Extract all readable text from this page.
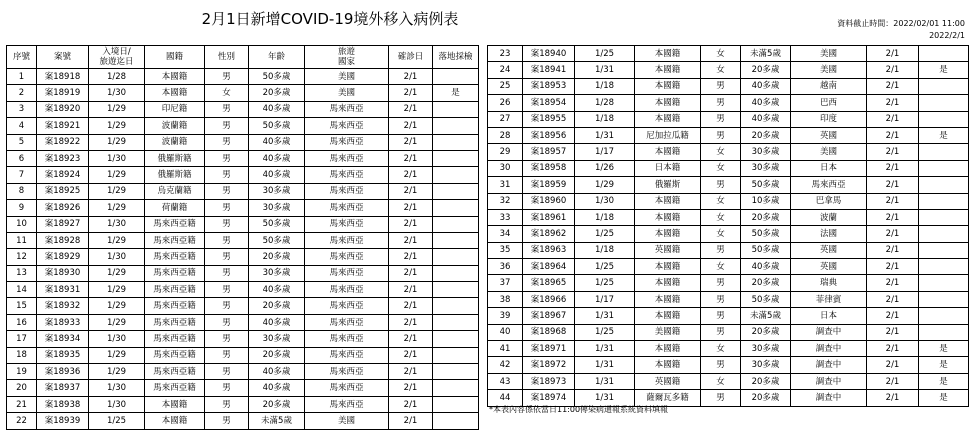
2月1日新增COVID-19境外移入病例表	資料截止時間：2022/02/01 11:00
2022/2/1
序號	案號	入境日/
旅遊迄日	國籍	性別	年齡	旅遊
國家	確診日	落地採檢
1	案18918	1/28	本國籍	男	50多歲	美國	2/1	
2	案18919	1/30	本國籍	女	20多歲	美國	2/1	是
3	案18920	1/29	印尼籍	男	40多歲	馬來西亞	2/1	
4	案18921	1/29	波蘭籍	男	50多歲	馬來西亞	2/1	
5	案18922	1/29	波蘭籍	男	40多歲	馬來西亞	2/1	
6	案18923	1/30	俄羅斯籍	男	40多歲	馬來西亞	2/1	
7	案18924	1/29	俄羅斯籍	男	40多歲	馬來西亞	2/1	
8	案18925	1/29	烏克蘭籍	男	30多歲	馬來西亞	2/1	
9	案18926	1/29	荷蘭籍	男	30多歲	馬來西亞	2/1	
10	案18927	1/30	馬來西亞籍	男	50多歲	馬來西亞	2/1	
11	案18928	1/29	馬來西亞籍	男	50多歲	馬來西亞	2/1	
12	案18929	1/30	馬來西亞籍	男	20多歲	馬來西亞	2/1	
13	案18930	1/29	馬來西亞籍	男	30多歲	馬來西亞	2/1	
14	案18931	1/29	馬來西亞籍	男	40多歲	馬來西亞	2/1	
15	案18932	1/29	馬來西亞籍	男	20多歲	馬來西亞	2/1	
16	案18933	1/29	馬來西亞籍	男	40多歲	馬來西亞	2/1	
17	案18934	1/30	馬來西亞籍	男	30多歲	馬來西亞	2/1	
18	案18935	1/29	馬來西亞籍	男	20多歲	馬來西亞	2/1	
19	案18936	1/29	馬來西亞籍	男	40多歲	馬來西亞	2/1	
20	案18937	1/30	馬來西亞籍	男	40多歲	馬來西亞	2/1	
21	案18938	1/30	本國籍	男	20多歲	馬來西亞	2/1	
22	案18939	1/25	本國籍	男	未滿5歲	美國	2/1	
23	案18940	1/25	本國籍	女	未滿5歲	美國	2/1	
24	案18941	1/31	本國籍	女	20多歲	美國	2/1	是
25	案18953	1/18	本國籍	男	40多歲	越南	2/1	
26	案18954	1/28	本國籍	男	40多歲	巴西	2/1	
27	案18955	1/18	本國籍	男	40多歲	印度	2/1	
28	案18956	1/31	尼加拉瓜籍	男	20多歲	英國	2/1	是
29	案18957	1/17	本國籍	女	30多歲	美國	2/1	
30	案18958	1/26	日本籍	女	30多歲	日本	2/1	
31	案18959	1/29	俄羅斯	男	50多歲	馬來西亞	2/1	
32	案18960	1/30	本國籍	女	10多歲	巴拿馬	2/1	
33	案18961	1/18	本國籍	女	20多歲	波蘭	2/1	
34	案18962	1/25	本國籍	女	50多歲	法國	2/1	
35	案18963	1/18	英國籍	男	50多歲	英國	2/1	
36	案18964	1/25	本國籍	女	40多歲	英國	2/1	
37	案18965	1/25	本國籍	男	20多歲	瑞典	2/1	
38	案18966	1/17	本國籍	男	50多歲	菲律賓	2/1	
39	案18967	1/31	本國籍	男	未滿5歲	日本	2/1	
40	案18968	1/25	美國籍	男	20多歲	調查中	2/1	
41	案18971	1/31	本國籍	女	30多歲	調查中	2/1	是
42	案18972	1/31	本國籍	男	30多歲	調查中	2/1	是
43	案18973	1/31	英國籍	女	20多歲	調查中	2/1	是
44	案18974	1/31	薩爾瓦多籍	男	20多歲	調查中	2/1	是
*本表內容係依當日11:00傳染病通報系統資料填報
